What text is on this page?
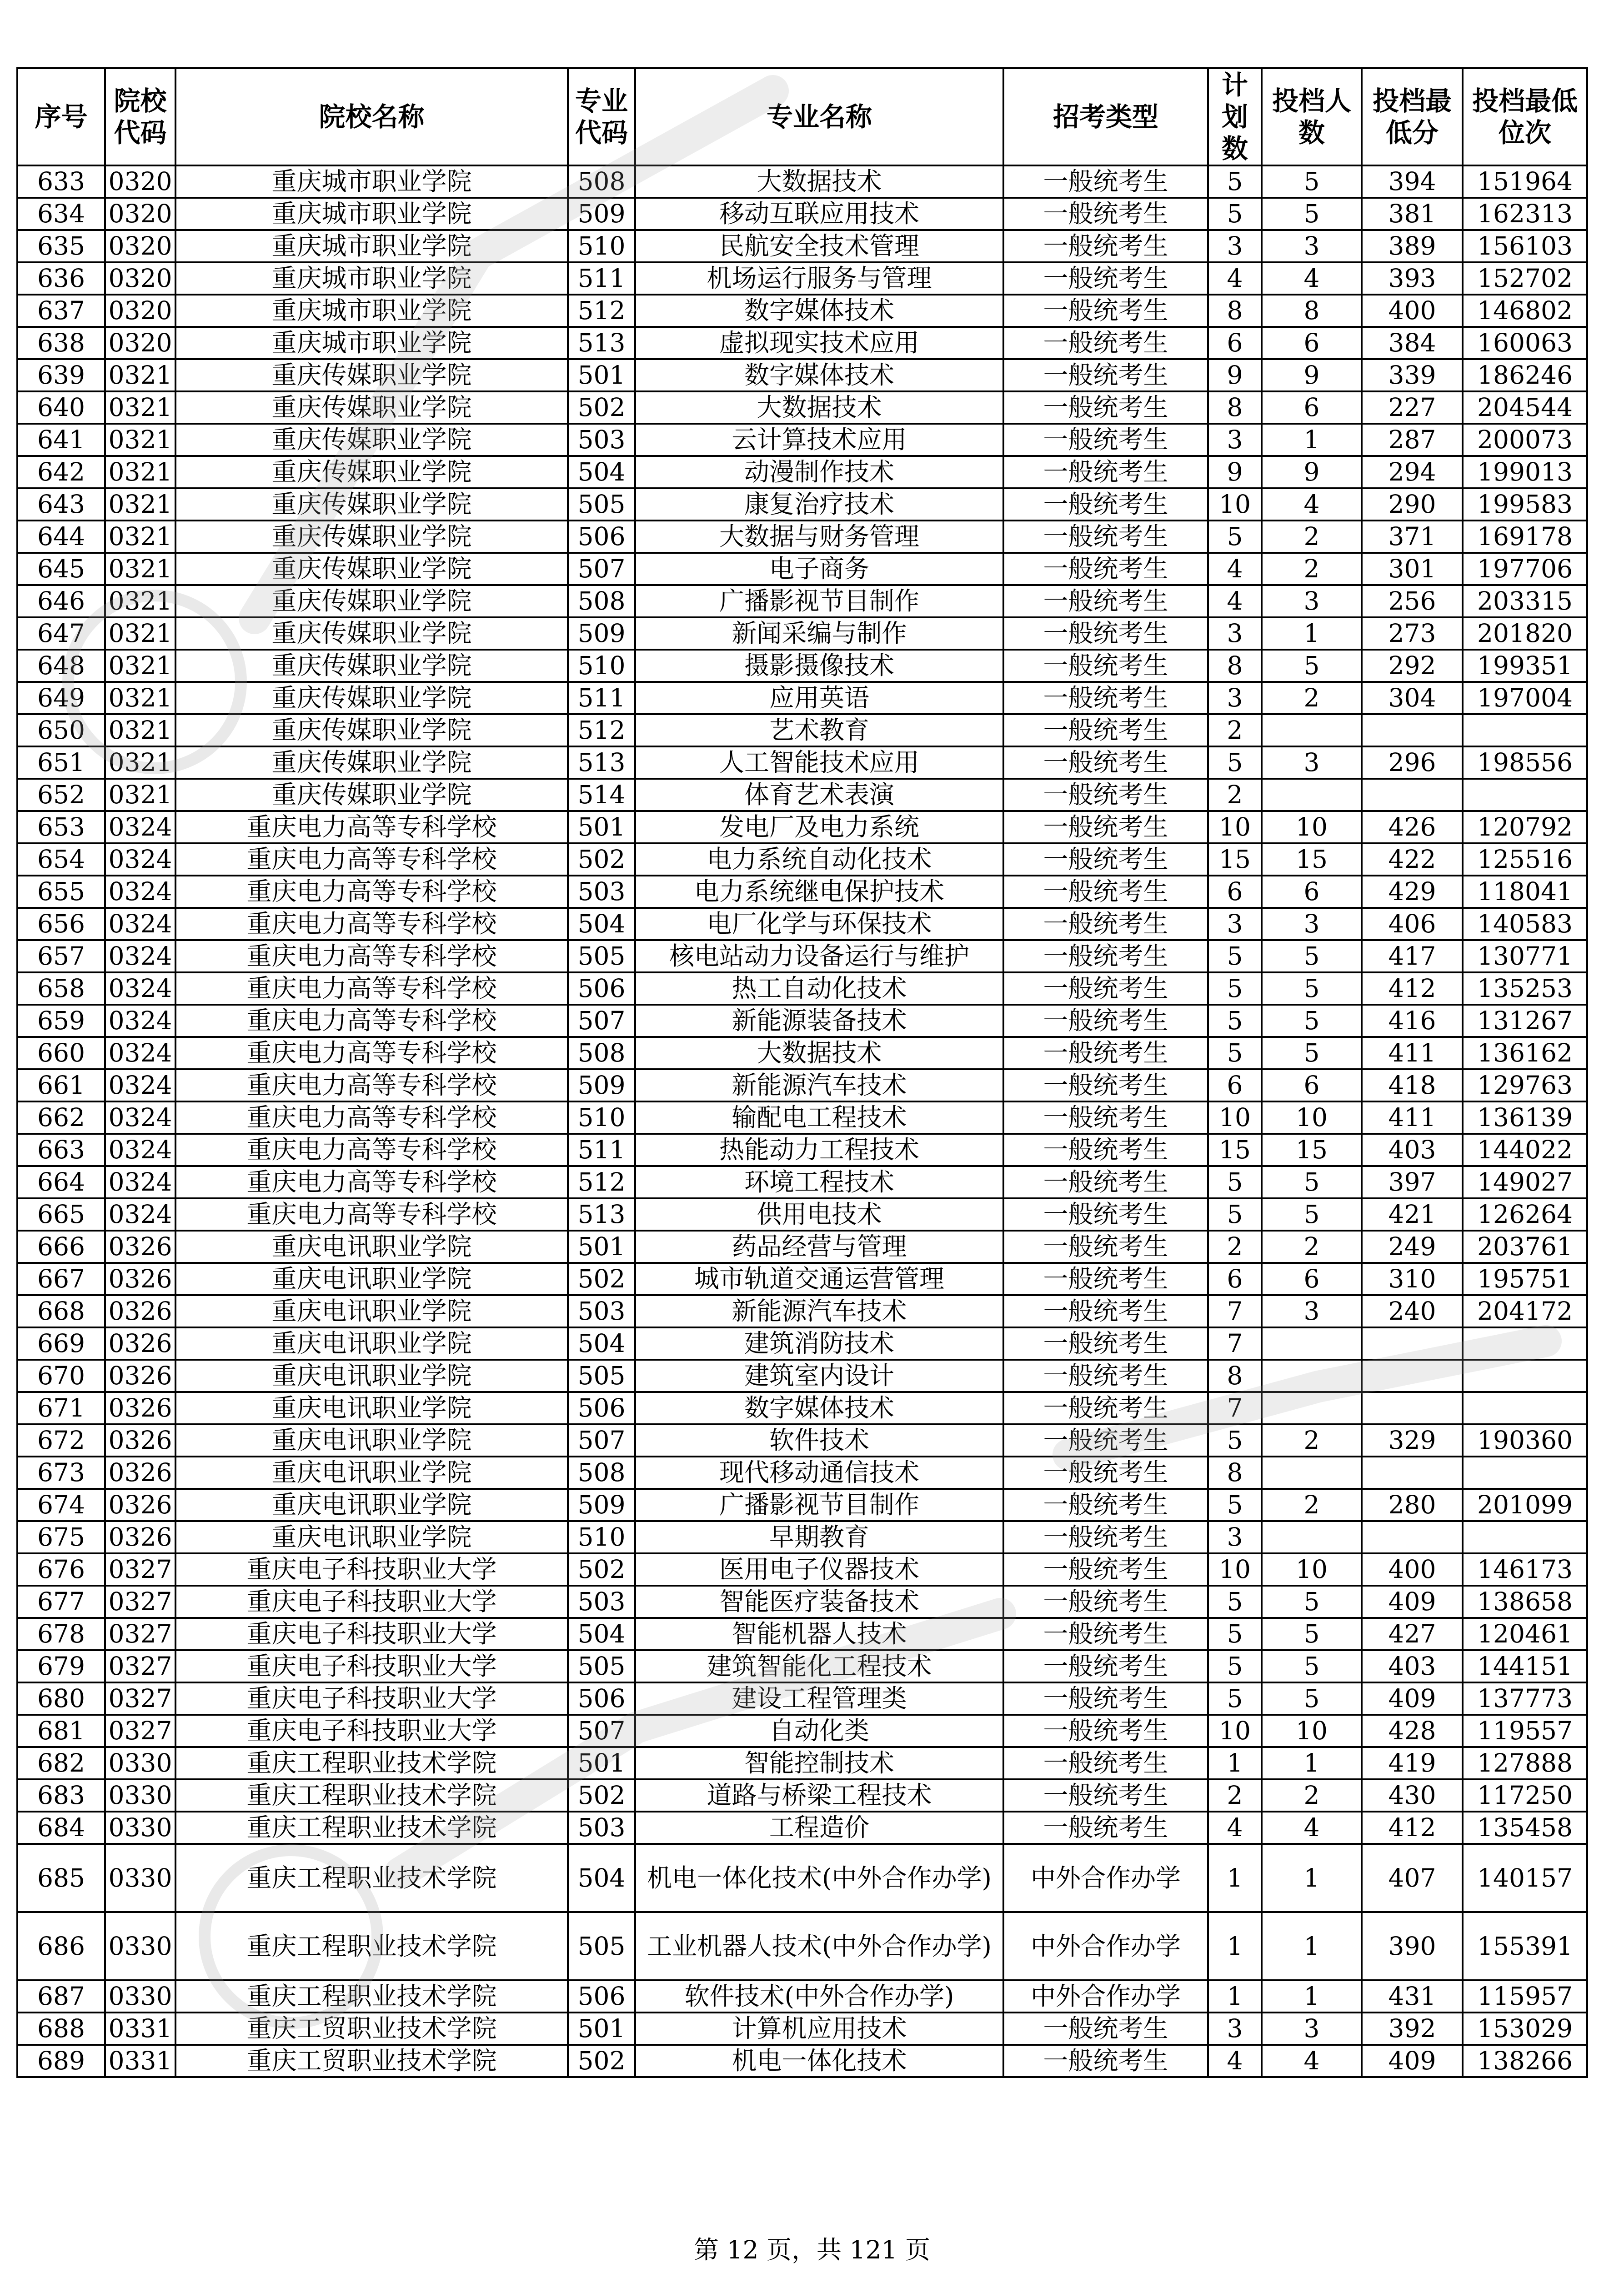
序号	院校代码	院校名称	专业代码	专业名称	招考类型	计划数	投档人数	投档最低分	投档最低位次
633	0320	重庆城市职业学院	508	大数据技术	一般统考生	5	5	394	151964
634	0320	重庆城市职业学院	509	移动互联应用技术	一般统考生	5	5	381	162313
635	0320	重庆城市职业学院	510	民航安全技术管理	一般统考生	3	3	389	156103
636	0320	重庆城市职业学院	511	机场运行服务与管理	一般统考生	4	4	393	152702
637	0320	重庆城市职业学院	512	数字媒体技术	一般统考生	8	8	400	146802
638	0320	重庆城市职业学院	513	虚拟现实技术应用	一般统考生	6	6	384	160063
639	0321	重庆传媒职业学院	501	数字媒体技术	一般统考生	9	9	339	186246
640	0321	重庆传媒职业学院	502	大数据技术	一般统考生	8	6	227	204544
641	0321	重庆传媒职业学院	503	云计算技术应用	一般统考生	3	1	287	200073
642	0321	重庆传媒职业学院	504	动漫制作技术	一般统考生	9	9	294	199013
643	0321	重庆传媒职业学院	505	康复治疗技术	一般统考生	10	4	290	199583
644	0321	重庆传媒职业学院	506	大数据与财务管理	一般统考生	5	2	371	169178
645	0321	重庆传媒职业学院	507	电子商务	一般统考生	4	2	301	197706
646	0321	重庆传媒职业学院	508	广播影视节目制作	一般统考生	4	3	256	203315
647	0321	重庆传媒职业学院	509	新闻采编与制作	一般统考生	3	1	273	201820
648	0321	重庆传媒职业学院	510	摄影摄像技术	一般统考生	8	5	292	199351
649	0321	重庆传媒职业学院	511	应用英语	一般统考生	3	2	304	197004
650	0321	重庆传媒职业学院	512	艺术教育	一般统考生	2			
651	0321	重庆传媒职业学院	513	人工智能技术应用	一般统考生	5	3	296	198556
652	0321	重庆传媒职业学院	514	体育艺术表演	一般统考生	2			
653	0324	重庆电力高等专科学校	501	发电厂及电力系统	一般统考生	10	10	426	120792
654	0324	重庆电力高等专科学校	502	电力系统自动化技术	一般统考生	15	15	422	125516
655	0324	重庆电力高等专科学校	503	电力系统继电保护技术	一般统考生	6	6	429	118041
656	0324	重庆电力高等专科学校	504	电厂化学与环保技术	一般统考生	3	3	406	140583
657	0324	重庆电力高等专科学校	505	核电站动力设备运行与维护	一般统考生	5	5	417	130771
658	0324	重庆电力高等专科学校	506	热工自动化技术	一般统考生	5	5	412	135253
659	0324	重庆电力高等专科学校	507	新能源装备技术	一般统考生	5	5	416	131267
660	0324	重庆电力高等专科学校	508	大数据技术	一般统考生	5	5	411	136162
661	0324	重庆电力高等专科学校	509	新能源汽车技术	一般统考生	6	6	418	129763
662	0324	重庆电力高等专科学校	510	输配电工程技术	一般统考生	10	10	411	136139
663	0324	重庆电力高等专科学校	511	热能动力工程技术	一般统考生	15	15	403	144022
664	0324	重庆电力高等专科学校	512	环境工程技术	一般统考生	5	5	397	149027
665	0324	重庆电力高等专科学校	513	供用电技术	一般统考生	5	5	421	126264
666	0326	重庆电讯职业学院	501	药品经营与管理	一般统考生	2	2	249	203761
667	0326	重庆电讯职业学院	502	城市轨道交通运营管理	一般统考生	6	6	310	195751
668	0326	重庆电讯职业学院	503	新能源汽车技术	一般统考生	7	3	240	204172
669	0326	重庆电讯职业学院	504	建筑消防技术	一般统考生	7			
670	0326	重庆电讯职业学院	505	建筑室内设计	一般统考生	8			
671	0326	重庆电讯职业学院	506	数字媒体技术	一般统考生	7			
672	0326	重庆电讯职业学院	507	软件技术	一般统考生	5	2	329	190360
673	0326	重庆电讯职业学院	508	现代移动通信技术	一般统考生	8			
674	0326	重庆电讯职业学院	509	广播影视节目制作	一般统考生	5	2	280	201099
675	0326	重庆电讯职业学院	510	早期教育	一般统考生	3			
676	0327	重庆电子科技职业大学	502	医用电子仪器技术	一般统考生	10	10	400	146173
677	0327	重庆电子科技职业大学	503	智能医疗装备技术	一般统考生	5	5	409	138658
678	0327	重庆电子科技职业大学	504	智能机器人技术	一般统考生	5	5	427	120461
679	0327	重庆电子科技职业大学	505	建筑智能化工程技术	一般统考生	5	5	403	144151
680	0327	重庆电子科技职业大学	506	建设工程管理类	一般统考生	5	5	409	137773
681	0327	重庆电子科技职业大学	507	自动化类	一般统考生	10	10	428	119557
682	0330	重庆工程职业技术学院	501	智能控制技术	一般统考生	1	1	419	127888
683	0330	重庆工程职业技术学院	502	道路与桥梁工程技术	一般统考生	2	2	430	117250
684	0330	重庆工程职业技术学院	503	工程造价	一般统考生	4	4	412	135458
685	0330	重庆工程职业技术学院	504	机电一体化技术(中外合作办学)	中外合作办学	1	1	407	140157
686	0330	重庆工程职业技术学院	505	工业机器人技术(中外合作办学)	中外合作办学	1	1	390	155391
687	0330	重庆工程职业技术学院	506	软件技术(中外合作办学)	中外合作办学	1	1	431	115957
688	0331	重庆工贸职业技术学院	501	计算机应用技术	一般统考生	3	3	392	153029
689	0331	重庆工贸职业技术学院	502	机电一体化技术	一般统考生	4	4	409	138266
第 12 页，共 121 页
